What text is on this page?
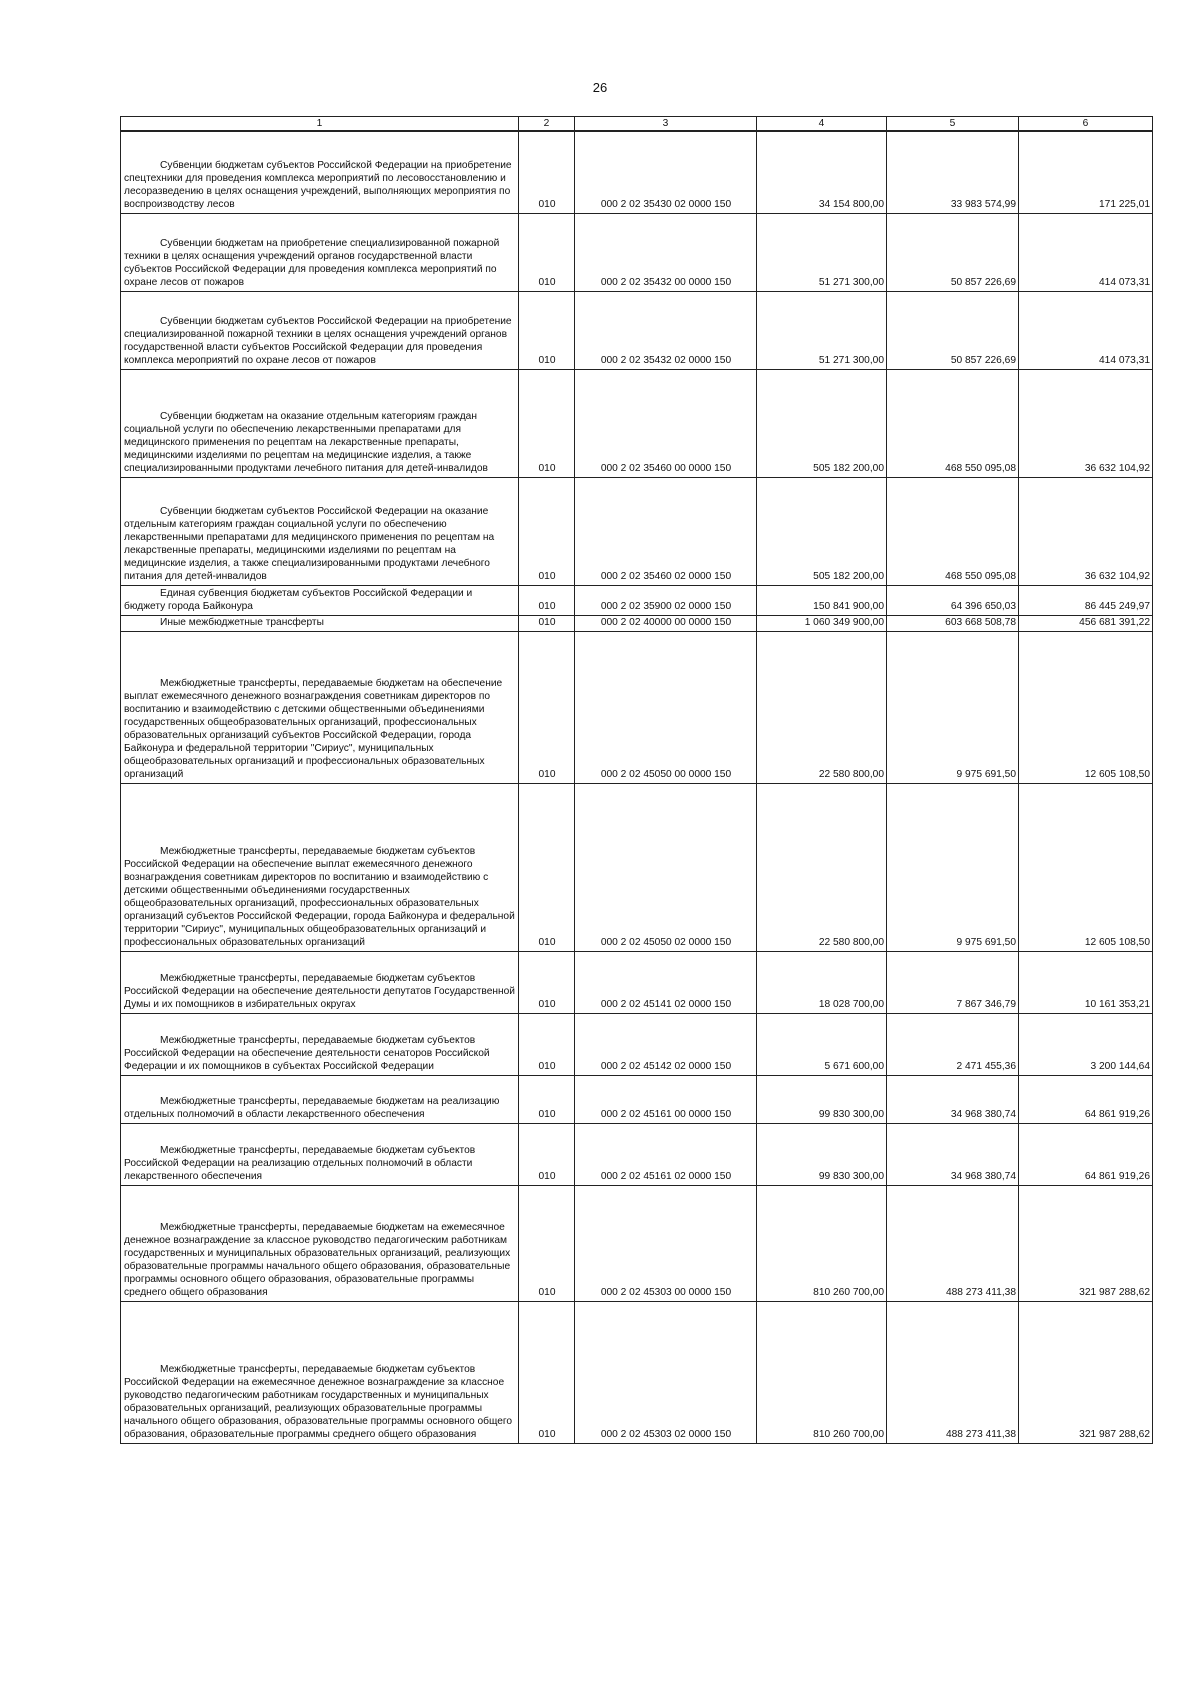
26
1	2	3	4	5	6

Субвенции бюджетам субъектов Российской Федерации на приобретение спецтехники для проведения комплекса мероприятий по лесовосстановлению и лесоразведению в целях оснащения учреждений, выполняющих мероприятия по воспроизводству лесов	010	000 2 02 35430 02 0000 150	34 154 800,00	33 983 574,99	171 225,01

Субвенции бюджетам на приобретение специализированной пожарной техники в целях оснащения учреждений органов государственной власти субъектов Российской Федерации для проведения комплекса мероприятий по охране лесов от пожаров	010	000 2 02 35432 00 0000 150	51 271 300,00	50 857 226,69	414 073,31

Субвенции бюджетам субъектов Российской Федерации на приобретение специализированной пожарной техники в целях оснащения учреждений органов государственной власти субъектов Российской Федерации для проведения комплекса мероприятий по охране лесов от пожаров	010	000 2 02 35432 02 0000 150	51 271 300,00	50 857 226,69	414 073,31

Субвенции бюджетам на оказание отдельным категориям граждан социальной услуги по обеспечению лекарственными препаратами для медицинского применения по рецептам на лекарственные препараты, медицинскими изделиями по рецептам на медицинские изделия, а также специализированными продуктами лечебного питания для детей-инвалидов	010	000 2 02 35460 00 0000 150	505 182 200,00	468 550 095,08	36 632 104,92

Субвенции бюджетам субъектов Российской Федерации на оказание отдельным категориям граждан социальной услуги по обеспечению лекарственными препаратами для медицинского применения по рецептам на лекарственные препараты, медицинскими изделиями по рецептам на медицинские изделия, а также специализированными продуктами лечебного питания для детей-инвалидов	010	000 2 02 35460 02 0000 150	505 182 200,00	468 550 095,08	36 632 104,92

Единая субвенция бюджетам субъектов Российской Федерации и бюджету города Байконура	010	000 2 02 35900 02 0000 150	150 841 900,00	64 396 650,03	86 445 249,97

Иные межбюджетные трансферты	010	000 2 02 40000 00 0000 150	1 060 349 900,00	603 668 508,78	456 681 391,22

Межбюджетные трансферты, передаваемые бюджетам на обеспечение выплат ежемесячного денежного вознаграждения советникам директоров по воспитанию и взаимодействию с детскими общественными объединениями государственных общеобразовательных организаций, профессиональных образовательных организаций субъектов Российской Федерации, города Байконура и федеральной территории "Сириус", муниципальных общеобразовательных организаций и профессиональных образовательных организаций	010	000 2 02 45050 00 0000 150	22 580 800,00	9 975 691,50	12 605 108,50

Межбюджетные трансферты, передаваемые бюджетам субъектов Российской Федерации на обеспечение выплат ежемесячного денежного вознаграждения советникам директоров по воспитанию и взаимодействию с детскими общественными объединениями государственных общеобразовательных организаций, профессиональных образовательных организаций субъектов Российской Федерации, города Байконура и федеральной территории "Сириус", муниципальных общеобразовательных организаций и профессиональных образовательных организаций	010	000 2 02 45050 02 0000 150	22 580 800,00	9 975 691,50	12 605 108,50

Межбюджетные трансферты, передаваемые бюджетам субъектов Российской Федерации на обеспечение деятельности депутатов Государственной Думы и их помощников в избирательных округах	010	000 2 02 45141 02 0000 150	18 028 700,00	7 867 346,79	10 161 353,21

Межбюджетные трансферты, передаваемые бюджетам субъектов Российской Федерации на обеспечение деятельности сенаторов Российской Федерации и их помощников в субъектах Российской Федерации	010	000 2 02 45142 02 0000 150	5 671 600,00	2 471 455,36	3 200 144,64

Межбюджетные трансферты, передаваемые бюджетам на реализацию отдельных полномочий в области лекарственного обеспечения	010	000 2 02 45161 00 0000 150	99 830 300,00	34 968 380,74	64 861 919,26

Межбюджетные трансферты, передаваемые бюджетам субъектов Российской Федерации на реализацию отдельных полномочий в области лекарственного обеспечения	010	000 2 02 45161 02 0000 150	99 830 300,00	34 968 380,74	64 861 919,26

Межбюджетные трансферты, передаваемые бюджетам на ежемесячное денежное вознаграждение за классное руководство педагогическим работникам государственных и муниципальных образовательных организаций, реализующих образовательные программы начального общего образования, образовательные программы основного общего образования, образовательные программы среднего общего образования	010	000 2 02 45303 00 0000 150	810 260 700,00	488 273 411,38	321 987 288,62

Межбюджетные трансферты, передаваемые бюджетам субъектов Российской Федерации на ежемесячное денежное вознаграждение за классное руководство педагогическим работникам государственных и муниципальных образовательных организаций, реализующих образовательные программы начального общего образования, образовательные программы основного общего образования, образовательные программы среднего общего образования	010	000 2 02 45303 02 0000 150	810 260 700,00	488 273 411,38	321 987 288,62
